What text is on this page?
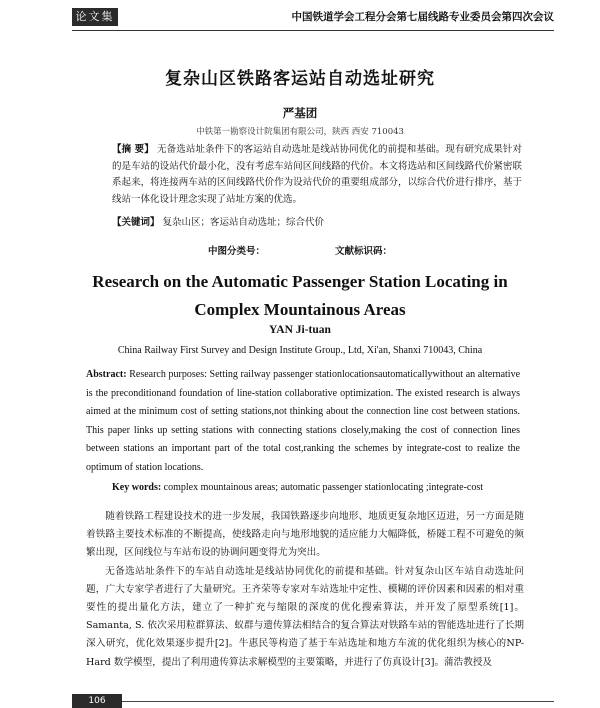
论文集	中国铁道学会工程分会第七届线路专业委员会第四次会议
复杂山区铁路客运站自动选址研究
严基团
中铁第一勘察设计院集团有限公司，陕西 西安 710043
【摘 要】 无备选站址条件下的客运站自动选址是线站协同优化的前提和基础。现有研究成果针对的是车站的设站代价最小化，没有考虑车站间区间线路的代价。本文将选站和区间线路代价紧密联系起来，将连接两车站的区间线路代价作为设站代价的重要组成部分，以综合代价进行排序，基于线站一体化设计理念实现了站址方案的优选。
【关键词】 复杂山区；客运站自动选址；综合代价
中图分类号：	文献标识码：
Research on the Automatic Passenger Station Locating in Complex Mountainous Areas
YAN Ji-tuan
China Railway First Survey and Design Institute Group., Ltd, Xi'an, Shanxi 710043, China
Abstract: Research purposes: Setting railway passenger stationlocationsautomaticallywithout an alternative is the preconditionand foundation of line-station collaborative optimization. The existed research is always aimed at the minimum cost of setting stations,not thinking about the connection line cost between stations. This paper links up setting stations with connecting stations closely,making the cost of connection lines between stations an important part of the total cost,ranking the schemes by integrate-cost to realize the optimum of station locations.
Key words: complex mountainous areas; automatic passenger stationlocating ;integrate-cost

随着铁路工程建设技术的进一步发展，我国铁路逐步向地形、地质更复杂地区迈进，另一方面是随着铁路主要技术标准的不断提高，使线路走向与地形地貌的适应能力大幅降低，桥隧工程不可避免的频繁出现，区间线位与车站布设的协调问题变得尤为突出。

无备选站址条件下的车站自动选址是线站协同优化的前提和基础。针对复杂山区车站自动选址问题，广大专家学者进行了大量研究。王齐荣等专家对车站选址中定性、模糊的评价因素和因素的相对重要性的提出量化方法，建立了一种扩充与缩限的深度的优化搜索算法，并开发了原型系统[1]。Samanta, S. 依次采用粒群算法、蚁群与遗传算法相结合的复合算法对铁路车站的智能选址进行了长期深入研究，优化效果逐步提升[2]。牛惠民等构造了基于车站选址和地方车流的优化组织为核心的NP-Hard 数学模型，提出了利用遗传算法求解模型的主要策略，并进行了仿真设计[3]。蒲浩教授及

106
